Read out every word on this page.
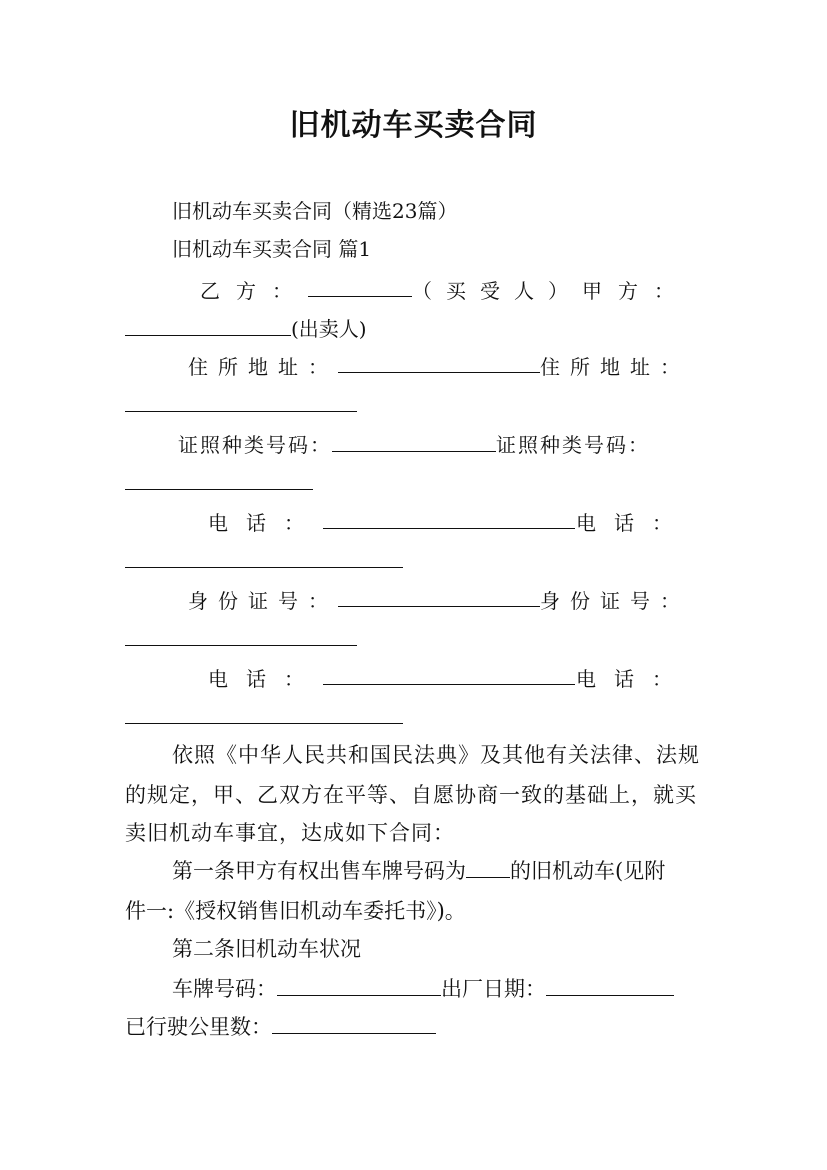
旧机动车买卖合同
旧机动车买卖合同（精选23篇）
旧机动车买卖合同 篇1
乙方：	（买受人） 甲方：
(出卖人)
住所地址：	住所地址：
证照种类号码：	证照种类号码：
电话：	电话：
身份证号：	身份证号：
电话：	电话：
依照《中华人民共和国民法典》及其他有关法律、法规
的规定，甲、乙双方在平等、自愿协商一致的基础上，就买
卖旧机动车事宜，达成如下合同：
第一条甲方有权出售车牌号码为 的旧机动车(见附
件一:《授权销售旧机动车委托书》)。
第二条旧机动车状况
车牌号码：	出厂日期：
已行驶公里数：
